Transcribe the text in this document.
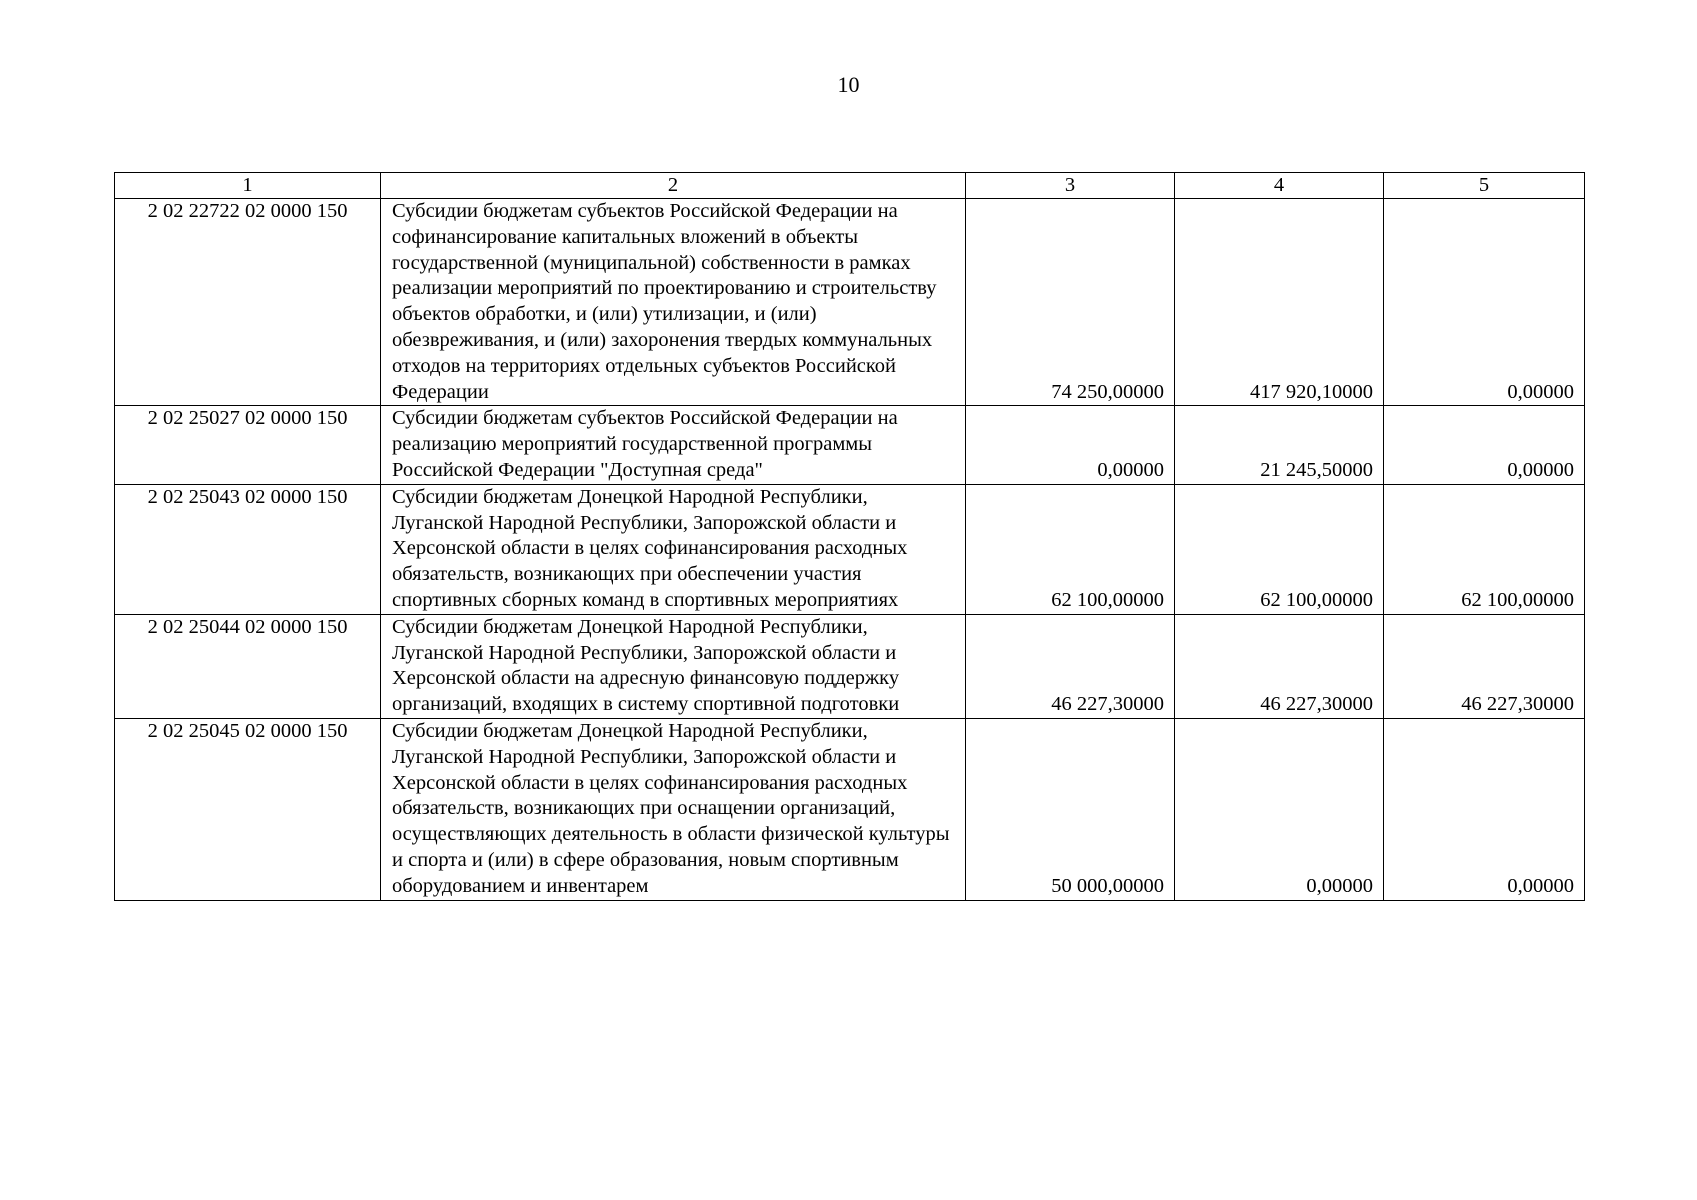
10
1	2	3	4	5
2 02 22722 02 0000 150	Субсидии бюджетам субъектов Российской Федерации на софинансирование капитальных вложений в объекты государственной (муниципальной) собственности в рамках реализации мероприятий по проектированию и строительству объектов обработки, и (или) утилизации, и (или) обезвреживания, и (или) захоронения твердых коммунальных отходов на территориях отдельных субъектов Российской Федерации	74 250,00000	417 920,10000	0,00000
2 02 25027 02 0000 150	Субсидии бюджетам субъектов Российской Федерации на реализацию мероприятий государственной программы Российской Федерации "Доступная среда"	0,00000	21 245,50000	0,00000
2 02 25043 02 0000 150	Субсидии бюджетам Донецкой Народной Республики, Луганской Народной Республики, Запорожской области и Херсонской области в целях софинансирования расходных обязательств, возникающих при обеспечении участия спортивных сборных команд в спортивных мероприятиях	62 100,00000	62 100,00000	62 100,00000
2 02 25044 02 0000 150	Субсидии бюджетам Донецкой Народной Республики, Луганской Народной Республики, Запорожской области и Херсонской области на адресную финансовую поддержку организаций, входящих в систему спортивной подготовки	46 227,30000	46 227,30000	46 227,30000
2 02 25045 02 0000 150	Субсидии бюджетам Донецкой Народной Республики, Луганской Народной Республики, Запорожской области и Херсонской области в целях софинансирования расходных обязательств, возникающих при оснащении организаций, осуществляющих деятельность в области физической культуры и спорта и (или) в сфере образования, новым спортивным оборудованием и инвентарем	50 000,00000	0,00000	0,00000
